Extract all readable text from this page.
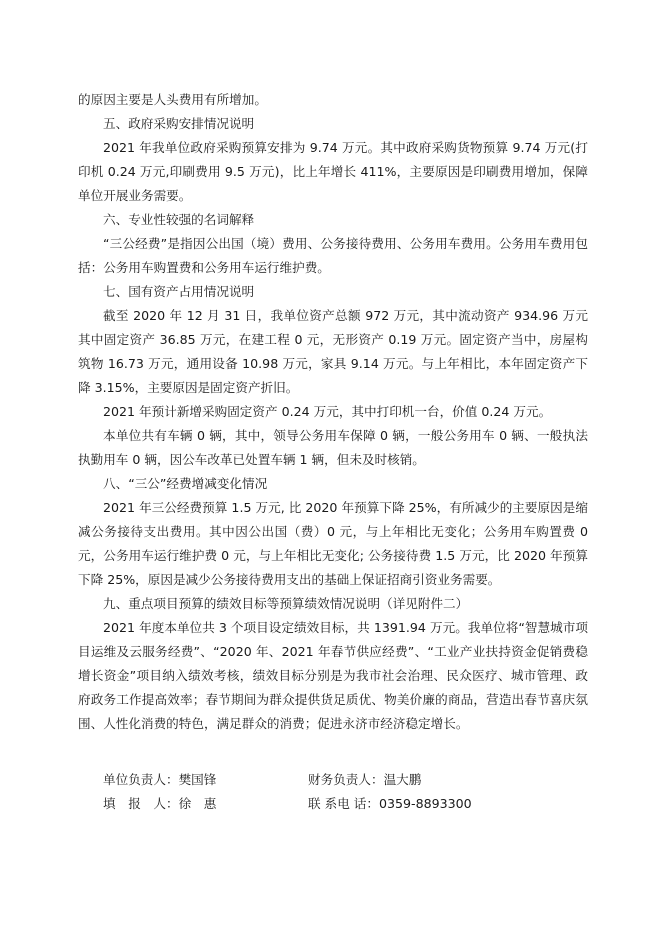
的原因主要是人头费用有所增加。

五、政府采购安排情况说明

2021 年我单位政府采购预算安排为 9.74 万元。其中政府采购货物预算 9.74 万元(打印机 0.24 万元,印刷费用 9.5 万元)，比上年增长 411%，主要原因是印刷费用增加，保障单位开展业务需要。

六、专业性较强的名词解释

“三公经费”是指因公出国（境）费用、公务接待费用、公务用车费用。公务用车费用包括：公务用车购置费和公务用车运行维护费。

七、国有资产占用情况说明

截至 2020 年 12 月 31 日，我单位资产总额 972 万元，其中流动资产 934.96 万元其中固定资产 36.85 万元，在建工程 0 元，无形资产 0.19 万元。固定资产当中，房屋构筑物 16.73 万元，通用设备 10.98 万元，家具 9.14 万元。与上年相比，本年固定资产下降 3.15%，主要原因是固定资产折旧。

2021 年预计新增采购固定资产 0.24 万元，其中打印机一台，价值 0.24 万元。

本单位共有车辆 0 辆，其中，领导公务用车保障 0 辆，一般公务用车 0 辆、一般执法执勤用车 0 辆，因公车改革已处置车辆 1 辆，但未及时核销。

八、“三公”经费增减变化情况

2021 年三公经费预算 1.5 万元, 比 2020 年预算下降 25%，有所减少的主要原因是缩减公务接待支出费用。其中因公出国（费）0 元，与上年相比无变化；公务用车购置费 0 元，公务用车运行维护费 0 元，与上年相比无变化; 公务接待费 1.5 万元，比 2020 年预算下降 25%，原因是减少公务接待费用支出的基础上保证招商引资业务需要。

九、重点项目预算的绩效目标等预算绩效情况说明（详见附件二）

2021 年度本单位共 3 个项目设定绩效目标，共 1391.94 万元。我单位将“智慧城市项目运维及云服务经费”、“2020 年、2021 年春节供应经费”、“工业产业扶持资金促销费稳增长资金”项目纳入绩效考核，绩效目标分别是为我市社会治理、民众医疗、城市管理、政府政务工作提高效率；春节期间为群众提供货足质优、物美价廉的商品，营造出春节喜庆氛围、人性化消费的特色，满足群众的消费；促进永济市经济稳定增长。

单位负责人：樊国锋	财务负责人：温大鹏
填　报　人：徐　惠	联 系电 话：0359-8893300
